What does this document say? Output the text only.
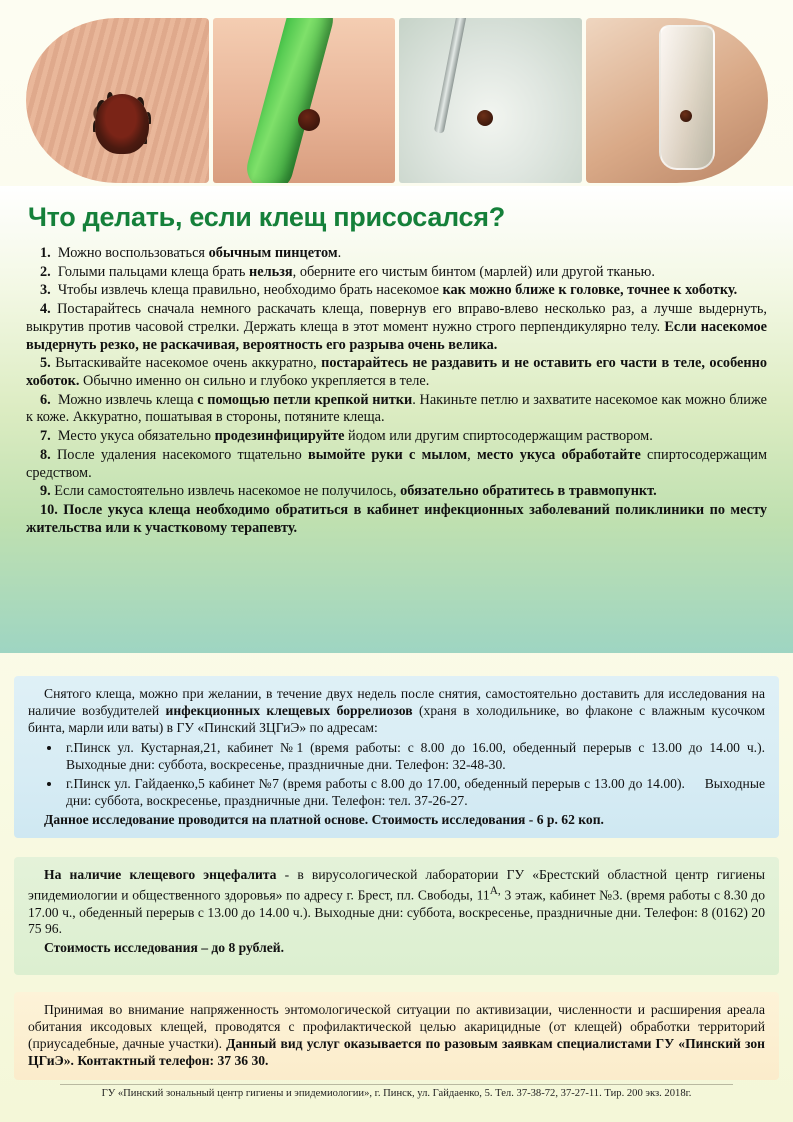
Что делать, если клещ присосался?

1.  Можно воспользоваться обычным пинцетом.

2.  Голыми пальцами клеща брать нельзя, оберните его чистым бинтом (марлей) или другой тканью.

3.  Чтобы извлечь клеща правильно, необходимо брать насекомое как можно ближе к головке, точнее к хоботку.

4. Постарайтесь сначала немного раскачать клеща, повернув его вправо-влево несколько раз, а лучше выдернуть, выкрутив против часовой стрелки. Держать клеща в этот момент нужно строго перпендикулярно телу. Если насекомое выдернуть резко, не раскачивая, вероятность его разрыва очень велика.

5. Вытаскивайте насекомое очень аккуратно, постарайтесь не раздавить и не оставить его части в теле, особенно хоботок. Обычно именно он сильно и глубоко укрепляется в теле.

6.  Можно извлечь клеща с помощью петли крепкой нитки. Накиньте петлю и захватите насекомое как можно ближе к коже. Аккуратно, пошатывая в стороны, потяните клеща.

7.  Место укуса обязательно продезинфицируйте йодом или другим спиртосодержащим раствором.

8. После удаления насекомого тщательно вымойте руки с мылом, место укуса обработайте спиртосодержащим средством.

9. Если самостоятельно извлечь насекомое не получилось, обязательно обратитесь в травмопункт.

10. После укуса клеща необходимо обратиться в кабинет инфекционных заболеваний поликлиники по месту жительства или к участковому терапевту.

Снятого клеща, можно при желании, в течение двух недель после снятия, самостоятельно доставить для исследования на наличие возбудителей инфекционных клещевых боррелиозов (храня в холодильнике, во флаконе с влажным кусочком бинта, марли или ваты) в ГУ «Пинский ЗЦГиЭ» по адресам:

• г.Пинск ул. Кустарная,21, кабинет №1 (время работы: с 8.00 до 16.00, обеденный перерыв с 13.00 до 14.00 ч.). Выходные дни: суббота, воскресенье, праздничные дни. Телефон: 32-48-30.
• г.Пинск ул. Гайдаенко,5 кабинет №7 (время работы с 8.00 до 17.00, обеденный перерыв с 13.00 до 14.00).     Выходные дни: суббота, воскресенье, праздничные дни. Телефон: тел. 37-26-27.

Данное исследование проводится на платной основе. Стоимость исследования - 6 р. 62 коп.

На наличие клещевого энцефалита - в вирусологической лаборатории ГУ «Брестский областной центр гигиены эпидемиологии и общественного здоровья» по адресу г. Брест, пл. Свободы, $11^{А,}$ 3 этаж, кабинет №3. (время работы с 8.30 до 17.00 ч., обеденный перерыв с 13.00 до 14.00 ч.). Выходные дни: суббота, воскресенье, праздничные дни. Телефон: 8 (0162) 20 75 96.

Стоимость исследования – до 8 рублей.

Принимая во внимание напряженность энтомологической ситуации по активизации, численности и расширения ареала обитания иксодовых клещей, проводятся с профилактической целью акарицидные (от клещей) обработки территорий (приусадебные, дачные участки). Данный вид услуг оказывается по разовым заявкам специалистами ГУ «Пинский зон ЦГиЭ». Контактный телефон: 37 36 30.

ГУ «Пинский зональный центр гигиены и эпидемиологии», г. Пинск, ул. Гайдаенко, 5. Тел. 37-38-72, 37-27-11. Тир. 200 экз. 2018г.
